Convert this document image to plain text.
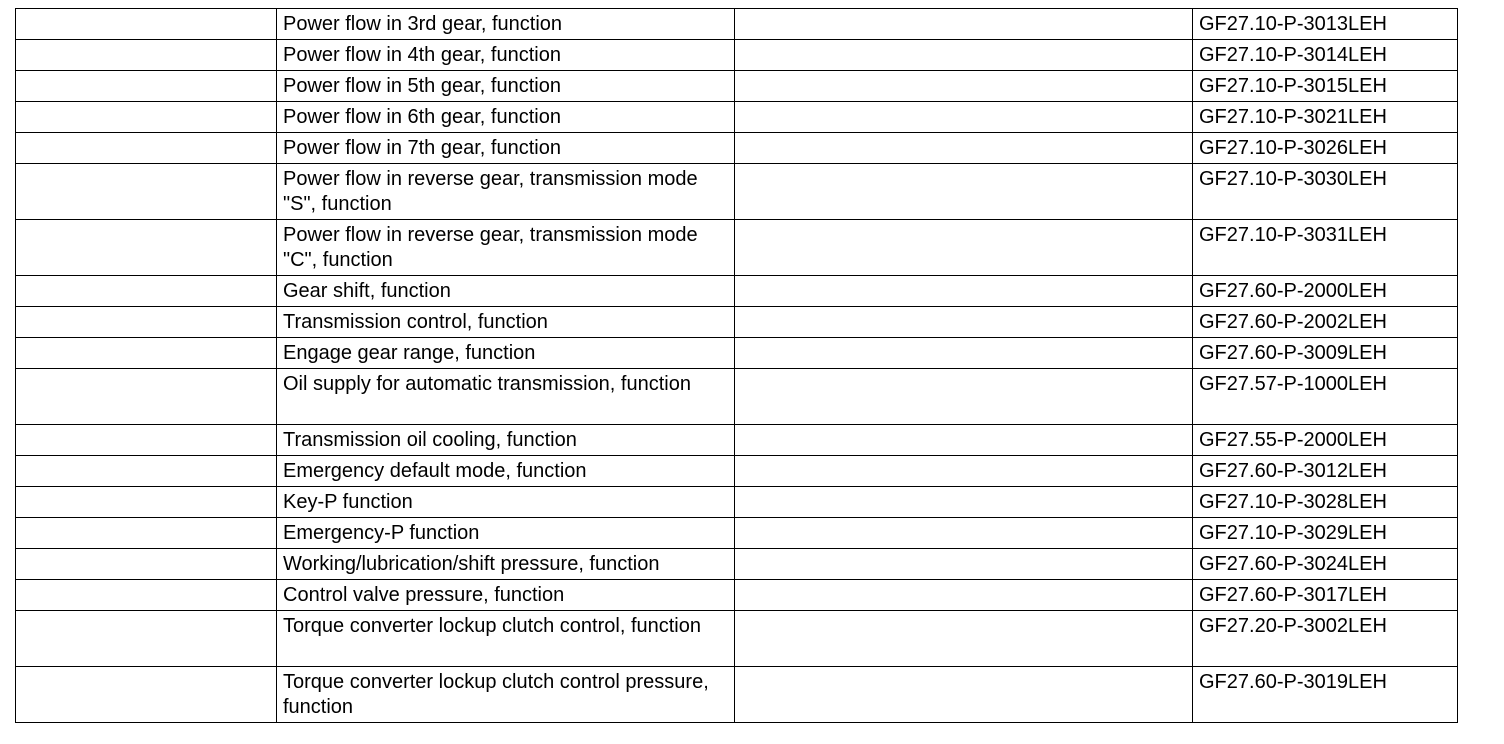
	Power flow in 3rd gear, function		GF27.10-P-3013LEH
	Power flow in 4th gear, function		GF27.10-P-3014LEH
	Power flow in 5th gear, function		GF27.10-P-3015LEH
	Power flow in 6th gear, function		GF27.10-P-3021LEH
	Power flow in 7th gear, function		GF27.10-P-3026LEH
	Power flow in reverse gear, transmission mode "S", function		GF27.10-P-3030LEH
	Power flow in reverse gear, transmission mode "C", function		GF27.10-P-3031LEH
	Gear shift, function		GF27.60-P-2000LEH
	Transmission control, function		GF27.60-P-2002LEH
	Engage gear range, function		GF27.60-P-3009LEH
	Oil supply for automatic transmission, function		GF27.57-P-1000LEH
	Transmission oil cooling, function		GF27.55-P-2000LEH
	Emergency default mode, function		GF27.60-P-3012LEH
	Key-P function		GF27.10-P-3028LEH
	Emergency-P function		GF27.10-P-3029LEH
	Working/lubrication/shift pressure, function		GF27.60-P-3024LEH
	Control valve pressure, function		GF27.60-P-3017LEH
	Torque converter lockup clutch control, function		GF27.20-P-3002LEH
	Torque converter lockup clutch control pressure, function		GF27.60-P-3019LEH
